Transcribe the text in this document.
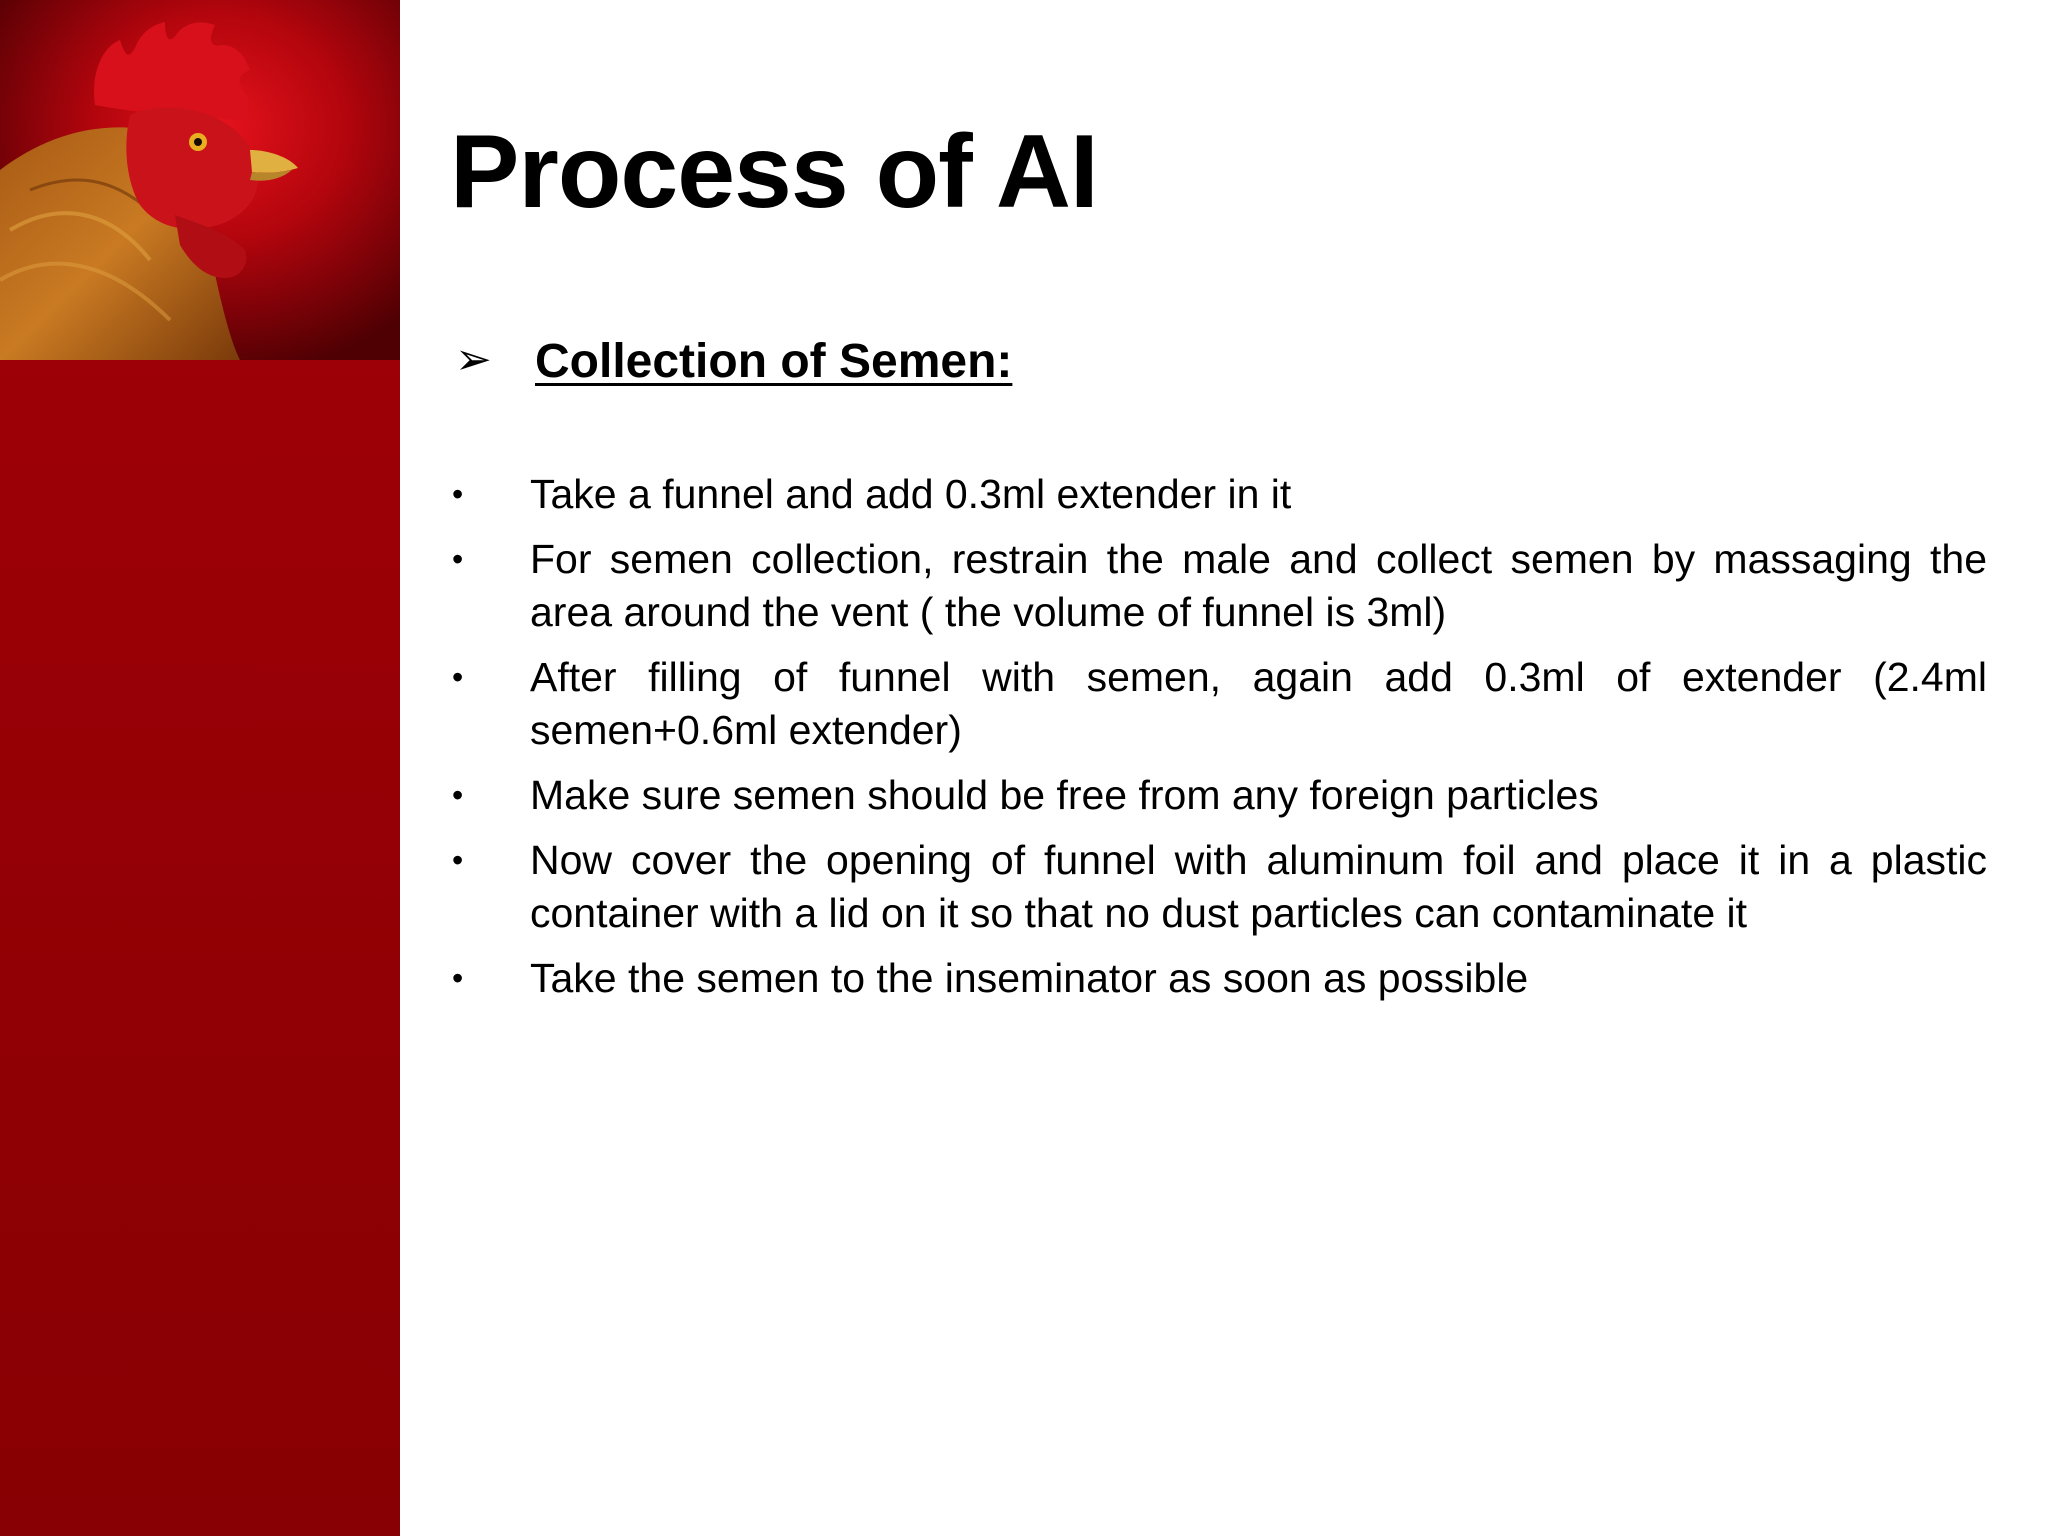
Process of AI
➢ Collection of Semen:
•	Take a funnel and add 0.3ml extender in it
•	For semen collection, restrain the male and collect semen by massaging the area around the vent ( the volume of funnel is 3ml)
•	After filling of funnel with semen, again add 0.3ml of extender (2.4ml semen+0.6ml extender)
•	Make sure semen should be free from any foreign particles
•	Now cover the opening of funnel with aluminum foil and place it in a plastic container with a lid on it so that no dust particles can contaminate it
•	Take the semen to the inseminator as soon as possible
